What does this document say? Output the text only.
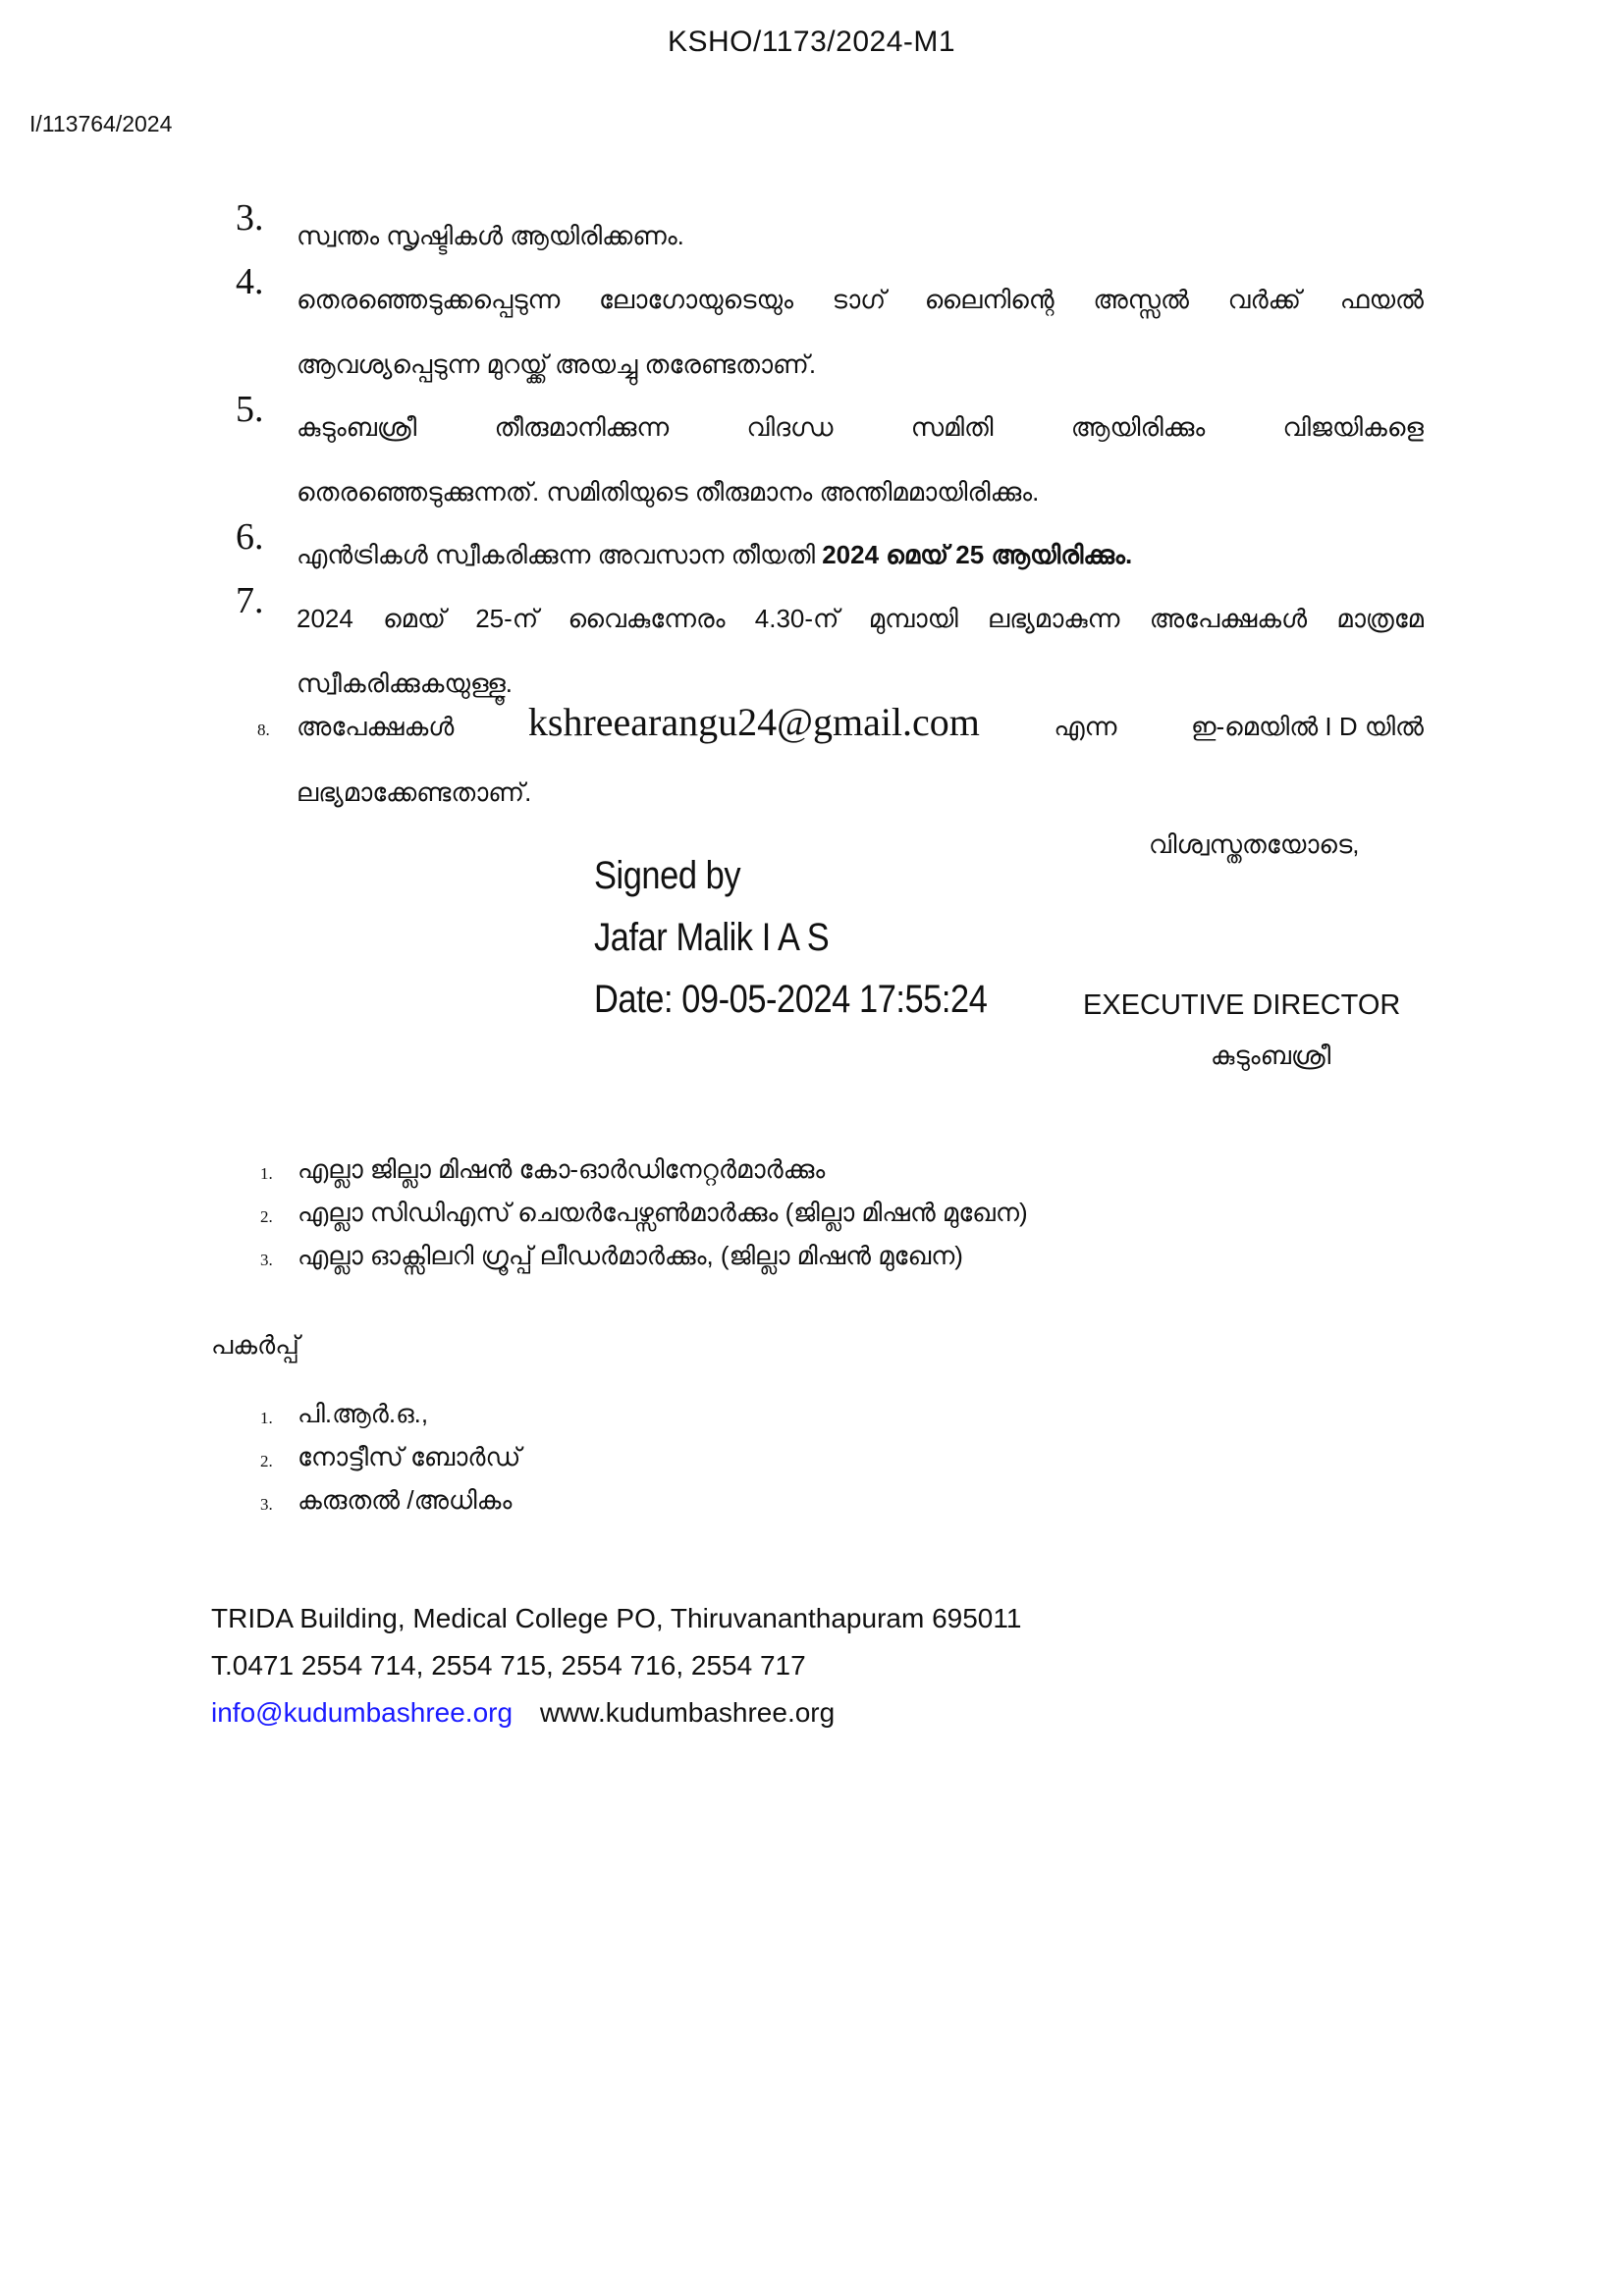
KSHO/1173/2024-M1
I/113764/2024
3. സ്വന്തം സൃഷ്ടികൾ ആയിരിക്കണം.
4. തെരഞ്ഞെടുക്കപ്പെടുന്ന ലോഗോയുടെയും ടാഗ് ലൈനിന്റെ അസ്സൽ വർക്ക് ഫയൽ
ആവശ്യപ്പെടുന്ന മുറയ്ക്ക് അയച്ചു തരേണ്ടതാണ്.
5. കുടുംബശ്രീ തീരുമാനിക്കുന്ന വിദഗ്ധ സമിതി ആയിരിക്കും വിജയികളെ
തെരഞ്ഞെടുക്കുന്നത്. സമിതിയുടെ തീരുമാനം അന്തിമമായിരിക്കും.
6. എൻട്രികൾ സ്വീകരിക്കുന്ന അവസാന തീയതി 2024 മെയ് 25 ആയിരിക്കും.
7. 2024 മെയ് 25-ന് വൈകുന്നേരം 4.30-ന് മുമ്പായി ലഭ്യമാകുന്ന അപേക്ഷകൾ മാത്രമേ
സ്വീകരിക്കുകയുള്ളൂ.
8. അപേക്ഷകൾ kshreearangu24@gmail.com	എന്ന	ഇ-മെയിൽ I D യിൽ
ലഭ്യമാക്കേണ്ടതാണ്.
വിശ്വസ്തതയോടെ,
Signed by
Jafar Malik I A S
Date: 09-05-2024 17:55:24	EXECUTIVE DIRECTOR
കുടുംബശ്രീ
1. എല്ലാ ജില്ലാ മിഷൻ കോ-ഓർഡിനേറ്റർമാർക്കും
2. എല്ലാ സിഡിഎസ് ചെയർപേഴ്സൺമാർക്കും (ജില്ലാ മിഷൻ മുഖേന)
3. എല്ലാ ഓക്സിലറി ഗ്രൂപ്പ് ലീഡർമാർക്കും, (ജില്ലാ മിഷൻ മുഖേന)
പകർപ്പ്
1. പി.ആർ.ഒ.,
2. നോട്ടീസ് ബോർഡ്
3. കരുതൽ /അധികം
TRIDA Building, Medical College PO, Thiruvananthapuram 695011
T.0471 2554 714, 2554 715, 2554 716, 2554 717
info@kudumbashree.org www.kudumbashree.org
